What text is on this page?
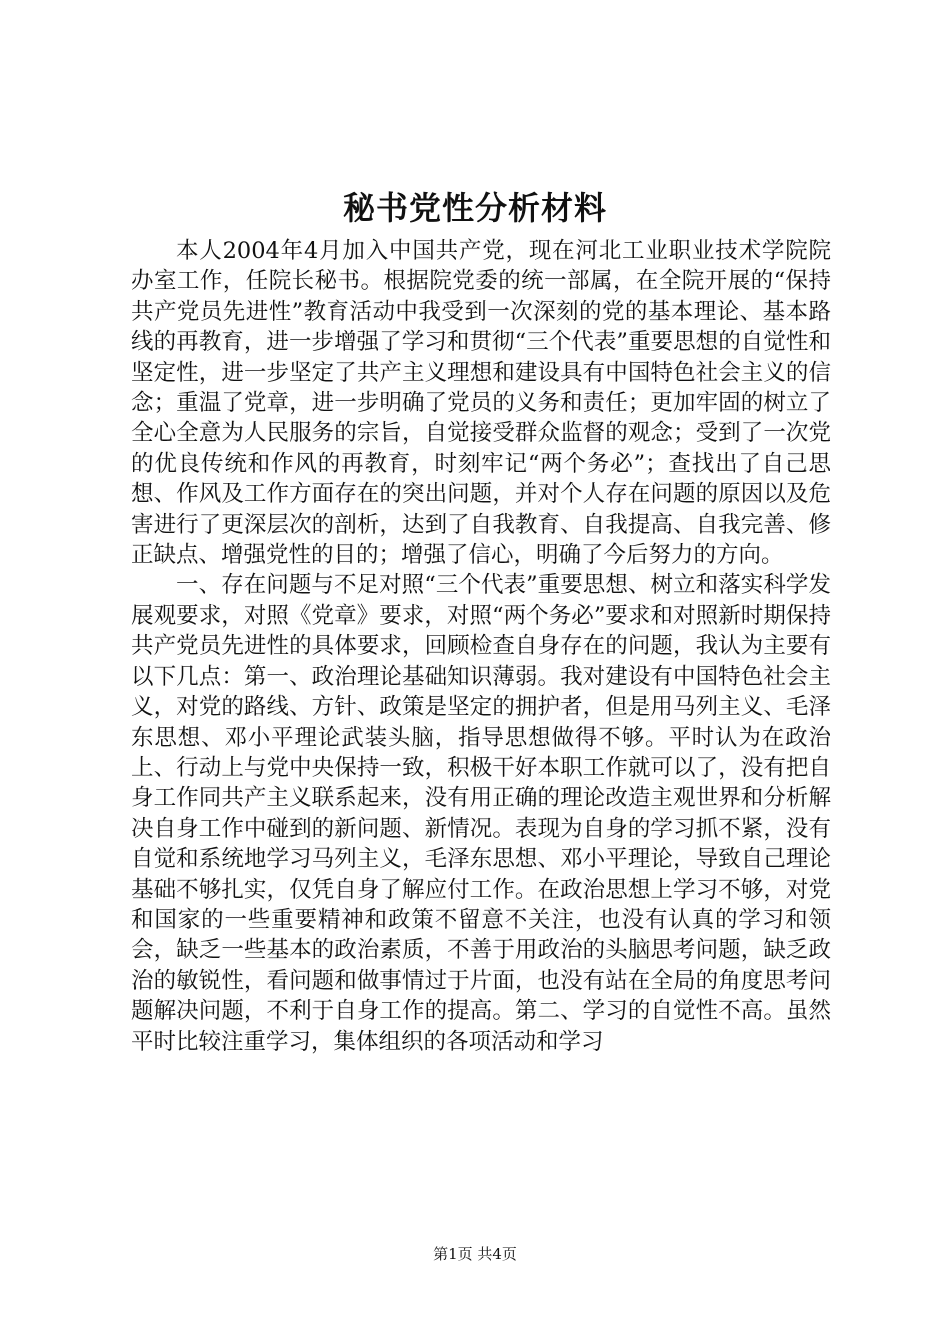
秘书党性分析材料

本人2004年4月加入中国共产党，现在河北工业职业技术学院院办室工作，任院长秘书。根据院党委的统一部属，在全院开展的“保持共产党员先进性”教育活动中我受到一次深刻的党的基本理论、基本路线的再教育，进一步增强了学习和贯彻“三个代表”重要思想的自觉性和坚定性，进一步坚定了共产主义理想和建设具有中国特色社会主义的信念；重温了党章，进一步明确了党员的义务和责任；更加牢固的树立了全心全意为人民服务的宗旨，自觉接受群众监督的观念；受到了一次党的优良传统和作风的再教育，时刻牢记“两个务必”；查找出了自己思想、作风及工作方面存在的突出问题，并对个人存在问题的原因以及危害进行了更深层次的剖析，达到了自我教育、自我提高、自我完善、修正缺点、增强党性的目的；增强了信心，明确了今后努力的方向。

一、存在问题与不足对照“三个代表”重要思想、树立和落实科学发展观要求，对照《党章》要求，对照“两个务必”要求和对照新时期保持共产党员先进性的具体要求，回顾检查自身存在的问题，我认为主要有以下几点：第一、政治理论基础知识薄弱。我对建设有中国特色社会主义，对党的路线、方针、政策是坚定的拥护者，但是用马列主义、毛泽东思想、邓小平理论武装头脑，指导思想做得不够。平时认为在政治上、行动上与党中央保持一致，积极干好本职工作就可以了，没有把自身工作同共产主义联系起来，没有用正确的理论改造主观世界和分析解决自身工作中碰到的新问题、新情况。表现为自身的学习抓不紧，没有自觉和系统地学习马列主义，毛泽东思想、邓小平理论，导致自己理论基础不够扎实，仅凭自身了解应付工作。在政治思想上学习不够，对党和国家的一些重要精神和政策不留意不关注，也没有认真的学习和领会，缺乏一些基本的政治素质，不善于用政治的头脑思考问题，缺乏政治的敏锐性，看问题和做事情过于片面，也没有站在全局的角度思考问题解决问题，不利于自身工作的提高。第二、学习的自觉性不高。虽然平时比较注重学习，集体组织的各项活动和学习

第1页 共4页
